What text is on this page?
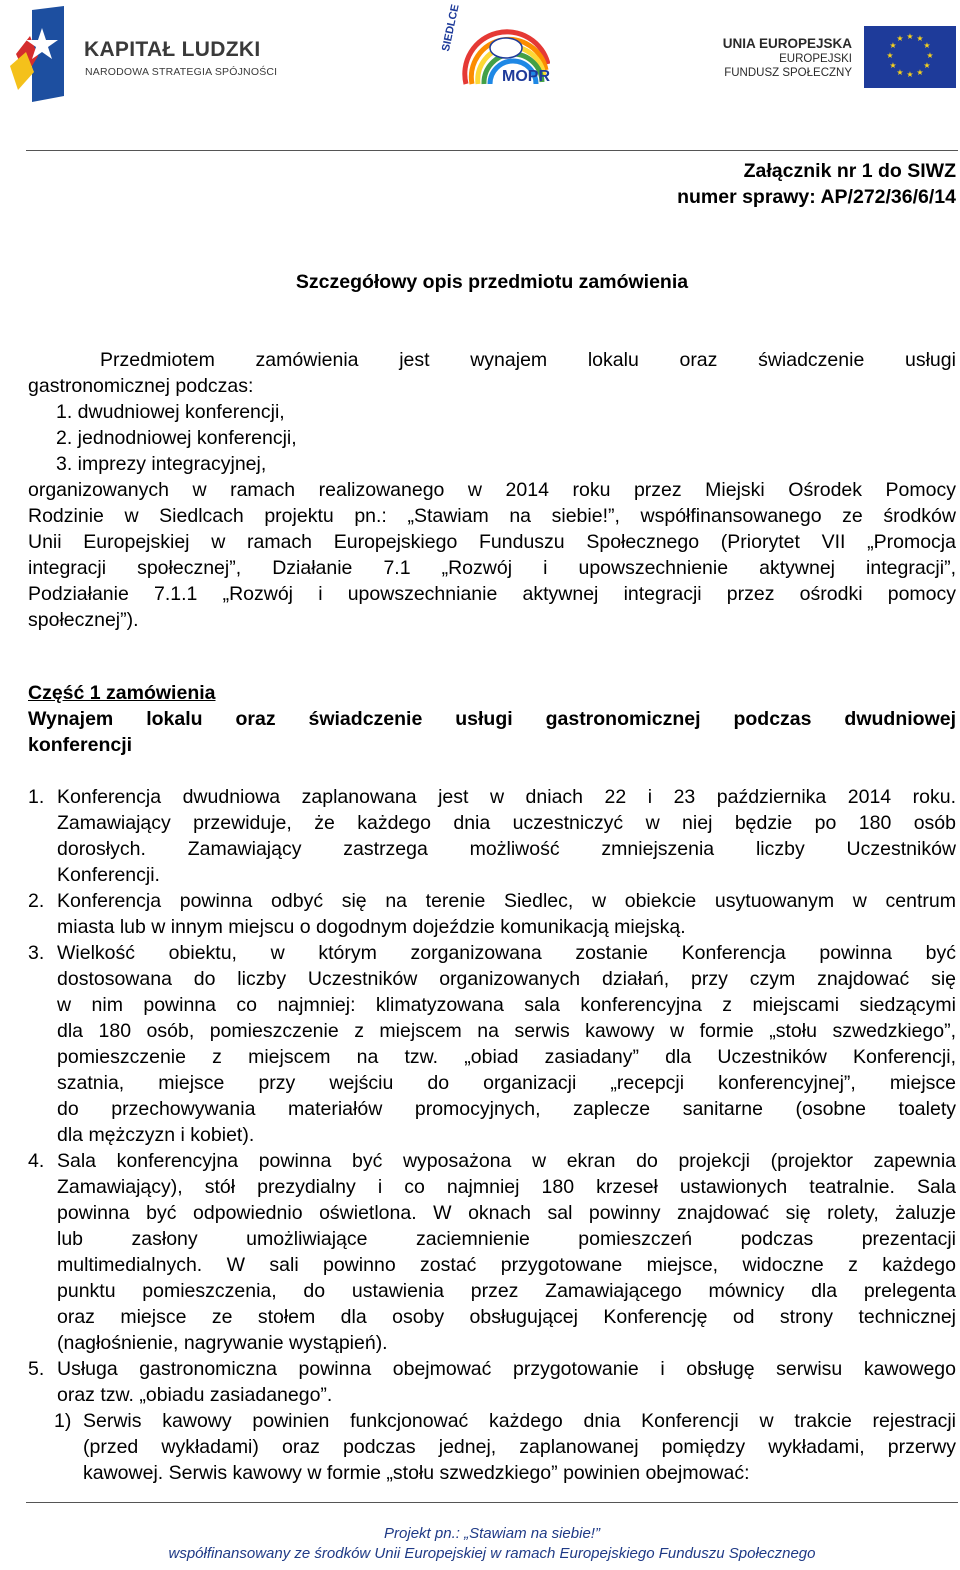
KAPITAŁ LUDZKI
NARODOWA STRATEGIA SPÓJNOŚCI
SIEDLCE
MOPR
UNIA EUROPEJSKA
EUROPEJSKI
FUNDUSZ SPOŁECZNY
★ ★
★
★
★
★
★
★
★
★
★
★
Załącznik nr 1 do SIWZ
numer sprawy: AP/272/36/6/14
Szczegółowy opis przedmiotu zamówienia
Przedmiotem zamówienia jest wynajem lokalu oraz świadczenie usługi
gastronomicznej podczas:
1. dwudniowej konferencji,
2. jednodniowej konferencji,
3. imprezy integracyjnej,
organizowanych w ramach realizowanego w 2014 roku przez Miejski Ośrodek Pomocy
Rodzinie w Siedlcach projektu pn.: „Stawiam na siebie!”, współfinansowanego ze środków
Unii Europejskiej w ramach Europejskiego Funduszu Społecznego (Priorytet VII „Promocja
integracji społecznej”, Działanie 7.1 „Rozwój i upowszechnienie aktywnej integracji”,
Podziałanie 7.1.1 „Rozwój i upowszechnianie aktywnej integracji przez ośrodki pomocy
społecznej”).
Część 1 zamówienia
Wynajem lokalu oraz świadczenie usługi gastronomicznej podczas dwudniowej
konferencji
1. Konferencja dwudniowa zaplanowana jest w dniach 22 i 23 października 2014 roku.
Zamawiający przewiduje, że każdego dnia uczestniczyć w niej będzie po 180 osób
dorosłych. Zamawiający zastrzega możliwość zmniejszenia liczby Uczestników
Konferencji.
2. Konferencja powinna odbyć się na terenie Siedlec, w obiekcie usytuowanym w centrum
miasta lub w innym miejscu o dogodnym dojeździe komunikacją miejską.
3. Wielkość obiektu, w którym zorganizowana zostanie Konferencja powinna być
dostosowana do liczby Uczestników organizowanych działań, przy czym znajdować się
w nim powinna co najmniej: klimatyzowana sala konferencyjna z miejscami siedzącymi
dla 180 osób, pomieszczenie z miejscem na serwis kawowy w formie „stołu szwedzkiego”,
pomieszczenie z miejscem na tzw. „obiad zasiadany” dla Uczestników Konferencji,
szatnia, miejsce przy wejściu do organizacji „recepcji konferencyjnej”, miejsce
do przechowywania materiałów promocyjnych, zaplecze sanitarne (osobne toalety
dla mężczyzn i kobiet).
4. Sala konferencyjna powinna być wyposażona w ekran do projekcji (projektor zapewnia
Zamawiający), stół prezydialny i co najmniej 180 krzeseł ustawionych teatralnie. Sala
powinna być odpowiednio oświetlona. W oknach sal powinny znajdować się rolety, żaluzje
lub zasłony umożliwiające zaciemnienie pomieszczeń podczas prezentacji
multimedialnych. W sali powinno zostać przygotowane miejsce, widoczne z każdego
punktu pomieszczenia, do ustawienia przez Zamawiającego mównicy dla prelegenta
oraz miejsce ze stołem dla osoby obsługującej Konferencję od strony technicznej
(nagłośnienie, nagrywanie wystąpień).
5. Usługa gastronomiczna powinna obejmować przygotowanie i obsługę serwisu kawowego
oraz tzw. „obiadu zasiadanego”.
1) Serwis kawowy powinien funkcjonować każdego dnia Konferencji w trakcie rejestracji
(przed wykładami) oraz podczas jednej, zaplanowanej pomiędzy wykładami, przerwy
kawowej. Serwis kawowy w formie „stołu szwedzkiego” powinien obejmować:
Projekt pn.: „Stawiam na siebie!”
współfinansowany ze środków Unii Europejskiej w ramach Europejskiego Funduszu Społecznego
